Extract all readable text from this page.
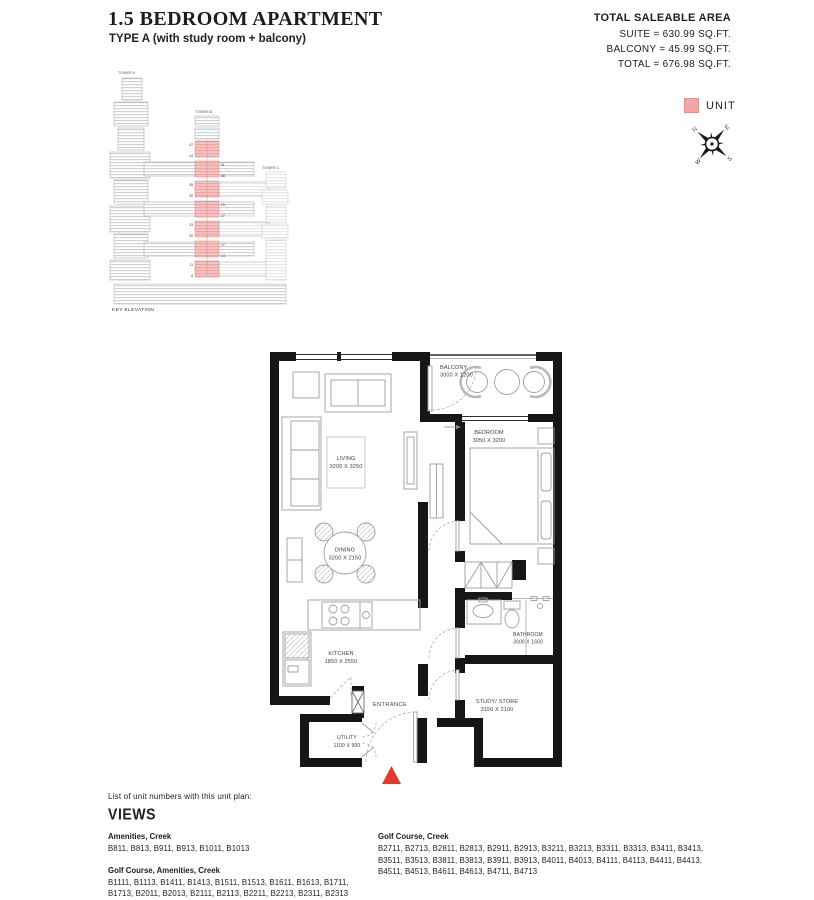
1.5 BEDROOM APARTMENT
TYPE A (with study room + balcony)
TOTAL SALEABLE AREA
SUITE = 630.99 SQ.FT.
BALCONY = 45.99 SQ.FT.
TOTAL = 676.98 SQ.FT.
UNIT
N	E
S
W
47
44
41
38
35
32
29
27
23
20
17
14
11
8
TOWER A
TOWER B
TOWER C
KEY ELEVATION
BALCONY
3000 X 1200
BEDROOM
3050 X 3200
LIVING
3200 X 3250
DINING
3200 X 2150
KITCHEN
1850 X 2550
BATHROOM
3000 X 1600
STUDY/ STORE
3150 X 2100
UTILITY
1100 X 900
ENTRANCE
List of unit numbers with this unit plan:
VIEWS
Amenities, Creek
B811, B813, B911, B913, B1011, B1013
Golf Course, Amenities, Creek
B1111, B1113, B1411, B1413, B1511, B1513, B1611, B1613, B1711, B1713, B2011, B2013, B2111, B2113, B2211, B2213, B2311, B2313
Golf Course, Creek
B2711, B2713, B2811, B2813, B2911, B2913, B3211, B3213, B3311, B3313, B3411, B3413, B3511, B3513, B3811, B3813, B3911, B3913, B4011, B4013, B4111, B4113, B4411, B4413, B4511, B4513, B4611, B4613, B4711, B4713
